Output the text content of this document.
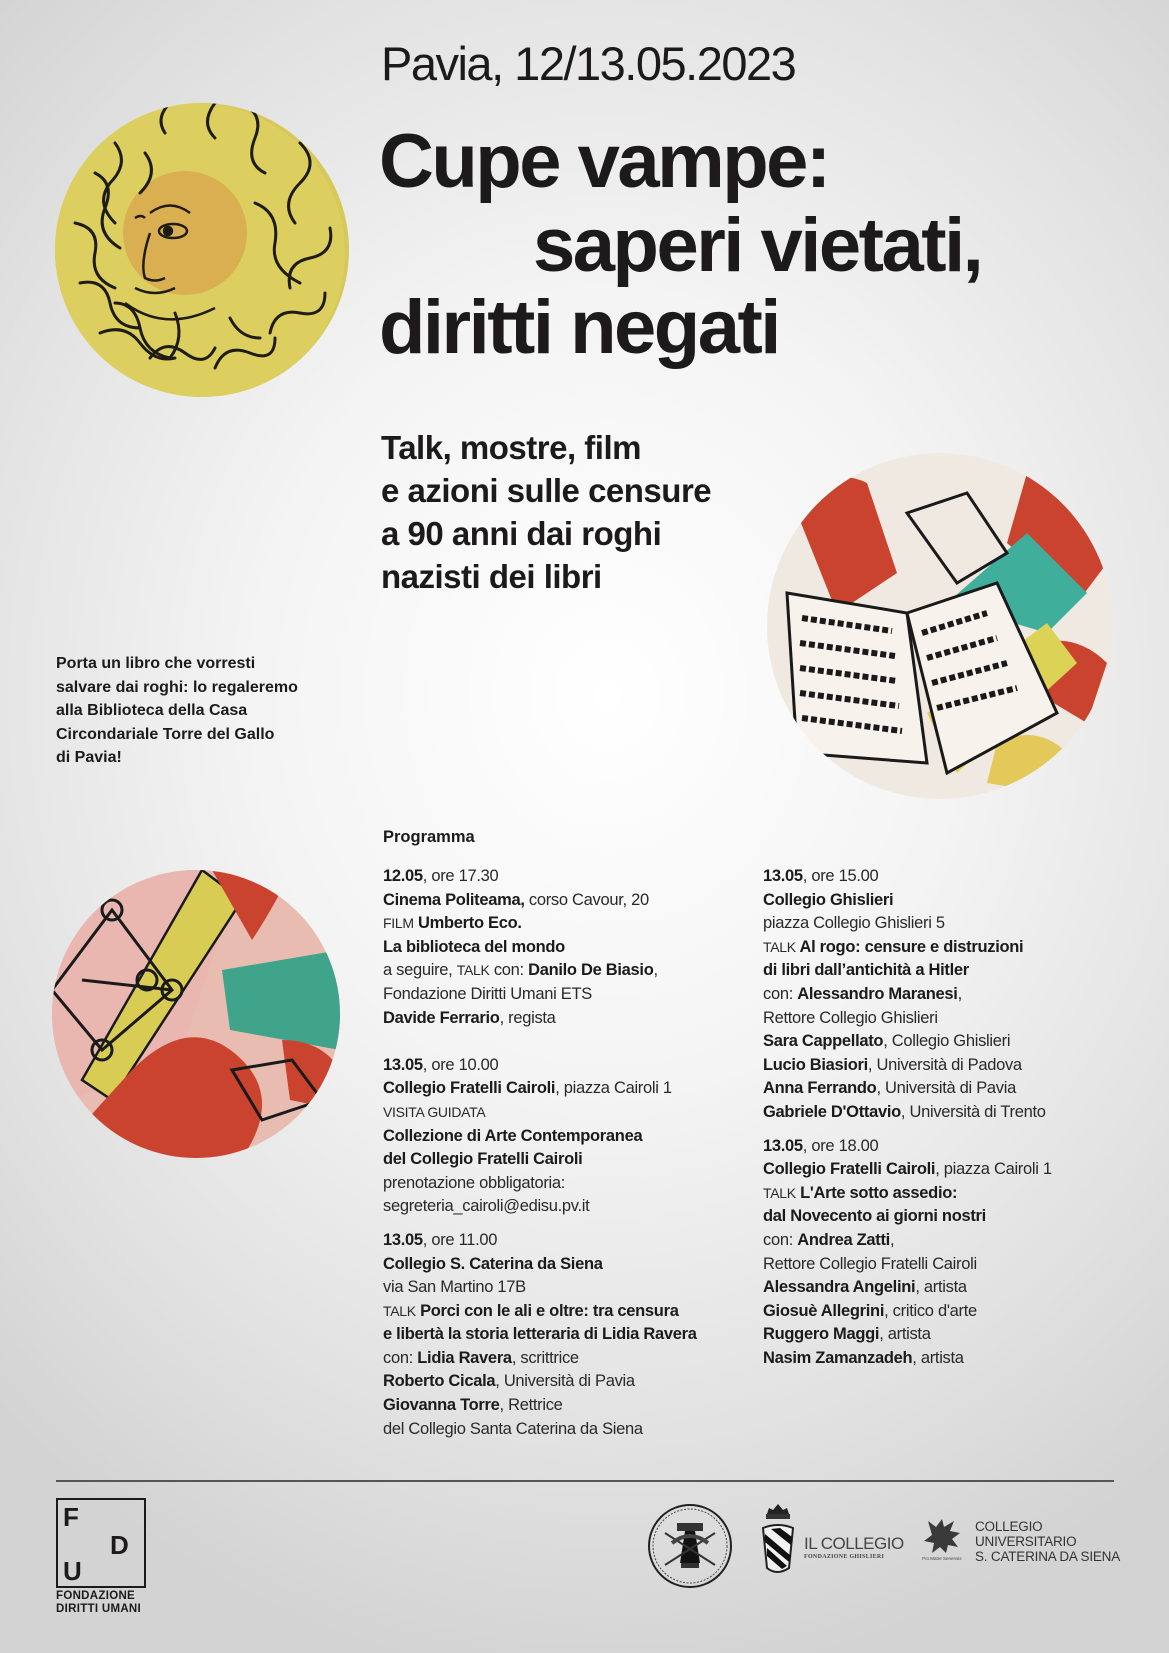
Pavia, 12/13.05.2023
Cupe vampe:
saperi vietati,
diritti negati
Talk, mostre, film
e azioni sulle censure
a 90 anni dai roghi
nazisti dei libri
Porta un libro che vorresti
salvare dai roghi: lo regaleremo
alla Biblioteca della Casa
Circondariale Torre del Gallo
di Pavia!
Programma
12.05, ore 17.30
Cinema Politeama, corso Cavour, 20
FILM Umberto Eco.
La biblioteca del mondo
a seguire, TALK con: Danilo De Biasio,
Fondazione Diritti Umani ETS
Davide Ferrario, regista
13.05, ore 10.00
Collegio Fratelli Cairoli, piazza Cairoli 1
VISITA GUIDATA
Collezione di Arte Contemporanea
del Collegio Fratelli Cairoli
prenotazione obbligatoria:
segreteria_cairoli@edisu.pv.it
13.05, ore 11.00
Collegio S. Caterina da Siena
via San Martino 17B
TALK Porci con le ali e oltre: tra censura
e libertà la storia letteraria di Lidia Ravera
con: Lidia Ravera, scrittrice
Roberto Cicala, Università di Pavia
Giovanna Torre, Rettrice
del Collegio Santa Caterina da Siena
13.05, ore 15.00
Collegio Ghislieri
piazza Collegio Ghislieri 5
TALK Al rogo: censure e distruzioni
di libri dall’antichità a Hitler
con: Alessandro Maranesi,
Rettore Collegio Ghislieri
Sara Cappellato, Collegio Ghislieri
Lucio Biasiori, Università di Padova
Anna Ferrando, Università di Pavia
Gabriele D'Ottavio, Università di Trento
13.05, ore 18.00
Collegio Fratelli Cairoli, piazza Cairoli 1
TALK L'Arte sotto assedio:
dal Novecento ai giorni nostri
con: Andrea Zatti,
Rettore Collegio Fratelli Cairoli
Alessandra Angelini, artista
Giosuè Allegrini, critico d'arte
Ruggero Maggi, artista
Nasim Zamanzadeh, artista
F
D
U
FONDAZIONE
DIRITTI UMANI
IL COLLEGIO
FONDAZIONE GHISLIERI	Pro Matre Senensis
COLLEGIO
UNIVERSITARIO
S. CATERINA DA SIENA
